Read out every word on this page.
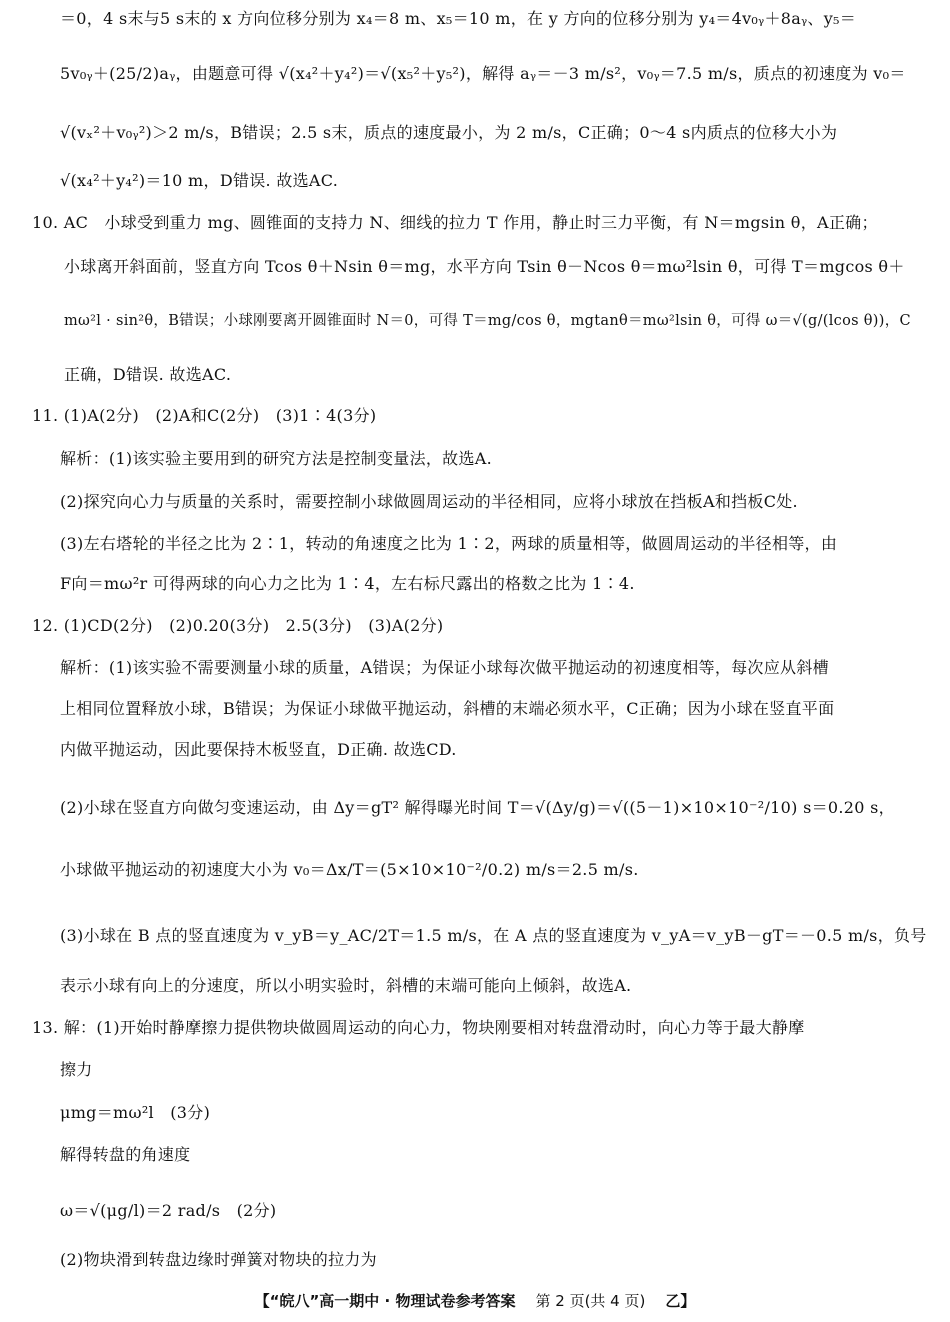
＝0，4 s末与5 s末的 x 方向位移分别为 x₄＝8 m、x₅＝10 m，在 y 方向的位移分别为 y₄＝4v₀ᵧ＋8aᵧ、y₅＝
5v₀ᵧ＋(25/2)aᵧ，由题意可得 √(x₄²＋y₄²)＝√(x₅²＋y₅²)，解得 aᵧ＝－3 m/s²，v₀ᵧ＝7.5 m/s，质点的初速度为 v₀＝
√(vₓ²＋v₀ᵧ²)＞2 m/s，B错误；2.5 s末，质点的速度最小，为 2 m/s，C正确；0～4 s内质点的位移大小为
√(x₄²＋y₄²)＝10 m，D错误. 故选AC.
10. AC　小球受到重力 mg、圆锥面的支持力 N、细线的拉力 T 作用，静止时三力平衡，有 N＝mgsin θ，A正确；
小球离开斜面前，竖直方向 Tcos θ＋Nsin θ＝mg，水平方向 Tsin θ－Ncos θ＝mω²lsin θ，可得 T＝mgcos θ＋
mω²l · sin²θ，B错误；小球刚要离开圆锥面时 N＝0，可得 T＝mg/cos θ，mgtanθ＝mω²lsin θ，可得 ω＝√(g/(lcos θ))，C
正确，D错误. 故选AC.
11. (1)A(2分)　(2)A和C(2分)　(3)1∶4(3分)
解析：(1)该实验主要用到的研究方法是控制变量法，故选A.
(2)探究向心力与质量的关系时，需要控制小球做圆周运动的半径相同，应将小球放在挡板A和挡板C处.
(3)左右塔轮的半径之比为 2∶1，转动的角速度之比为 1∶2，两球的质量相等，做圆周运动的半径相等，由
F向＝mω²r 可得两球的向心力之比为 1∶4，左右标尺露出的格数之比为 1∶4.
12. (1)CD(2分)　(2)0.20(3分)　2.5(3分)　(3)A(2分)
解析：(1)该实验不需要测量小球的质量，A错误；为保证小球每次做平抛运动的初速度相等，每次应从斜槽
上相同位置释放小球，B错误；为保证小球做平抛运动，斜槽的末端必须水平，C正确；因为小球在竖直平面
内做平抛运动，因此要保持木板竖直，D正确. 故选CD.
(2)小球在竖直方向做匀变速运动，由 Δy＝gT² 解得曝光时间 T＝√(Δy/g)＝√((5－1)×10×10⁻²/10) s＝0.20 s，
小球做平抛运动的初速度大小为 v₀＝Δx/T＝(5×10×10⁻²/0.2) m/s＝2.5 m/s.
(3)小球在 B 点的竖直速度为 v_yB＝y_AC/2T＝1.5 m/s，在 A 点的竖直速度为 v_yA＝v_yB－gT＝－0.5 m/s，负号
表示小球有向上的分速度，所以小明实验时，斜槽的末端可能向上倾斜，故选A.
13. 解：(1)开始时静摩擦力提供物块做圆周运动的向心力，物块刚要相对转盘滑动时，向心力等于最大静摩
擦力
μmg＝mω²l　(3分)
解得转盘的角速度
ω＝√(μg/l)＝2 rad/s　(2分)
(2)物块滑到转盘边缘时弹簧对物块的拉力为
【“皖八”高一期中 · 物理试卷参考答案 第 2 页(共 4 页) 乙】
